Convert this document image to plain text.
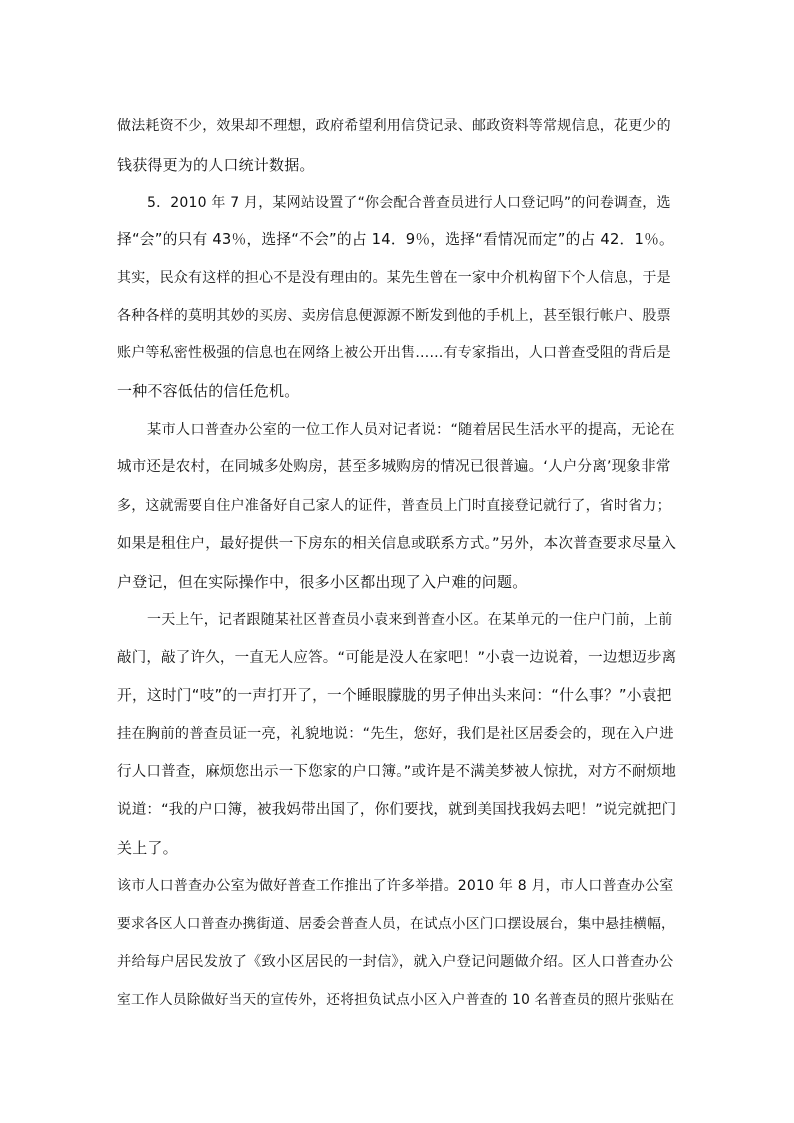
做法耗资不少，效果却不理想，政府希望利用信贷记录、邮政资料等常规信息，花更少的
钱获得更为的人口统计数据。
5．2010 年 7 月，某网站设置了“你会配合普查员进行人口登记吗”的问卷调查，选
择“会”的只有 43％，选择“不会”的占 14．9％，选择“看情况而定”的占 42．1％。
其实，民众有这样的担心不是没有理由的。某先生曾在一家中介机构留下个人信息，于是
各种各样的莫明其妙的买房、卖房信息便源源不断发到他的手机上，甚至银行帐户、股票
账户等私密性极强的信息也在网络上被公开出售……有专家指出，人口普查受阻的背后是
一种不容低估的信任危机。
某市人口普查办公室的一位工作人员对记者说：“随着居民生活水平的提高，无论在
城市还是农村，在同城多处购房，甚至多城购房的情况已很普遍。‘人户分离’现象非常
多，这就需要自住户准备好自己家人的证件，普查员上门时直接登记就行了，省时省力；
如果是租住户，最好提供一下房东的相关信息或联系方式。”另外，本次普查要求尽量入
户登记，但在实际操作中，很多小区都出现了入户难的问题。
一天上午，记者跟随某社区普查员小袁来到普查小区。在某单元的一住户门前，上前
敲门，敲了许久，一直无人应答。“可能是没人在家吧！”小袁一边说着，一边想迈步离
开，这时门“吱”的一声打开了，一个睡眼朦胧的男子伸出头来问：“什么事？”小袁把
挂在胸前的普查员证一亮，礼貌地说：“先生，您好，我们是社区居委会的，现在入户进
行人口普查，麻烦您出示一下您家的户口簿。”或许是不满美梦被人惊扰，对方不耐烦地
说道：“我的户口簿，被我妈带出国了，你们要找，就到美国找我妈去吧！”说完就把门
关上了。
该市人口普查办公室为做好普查工作推出了许多举措。2010 年 8 月，市人口普查办公室
要求各区人口普查办携街道、居委会普查人员，在试点小区门口摆设展台，集中悬挂横幅，
并给每户居民发放了《致小区居民的一封信》，就入户登记问题做介绍。区人口普查办公
室工作人员除做好当天的宣传外，还将担负试点小区入户普查的 10 名普查员的照片张贴在
